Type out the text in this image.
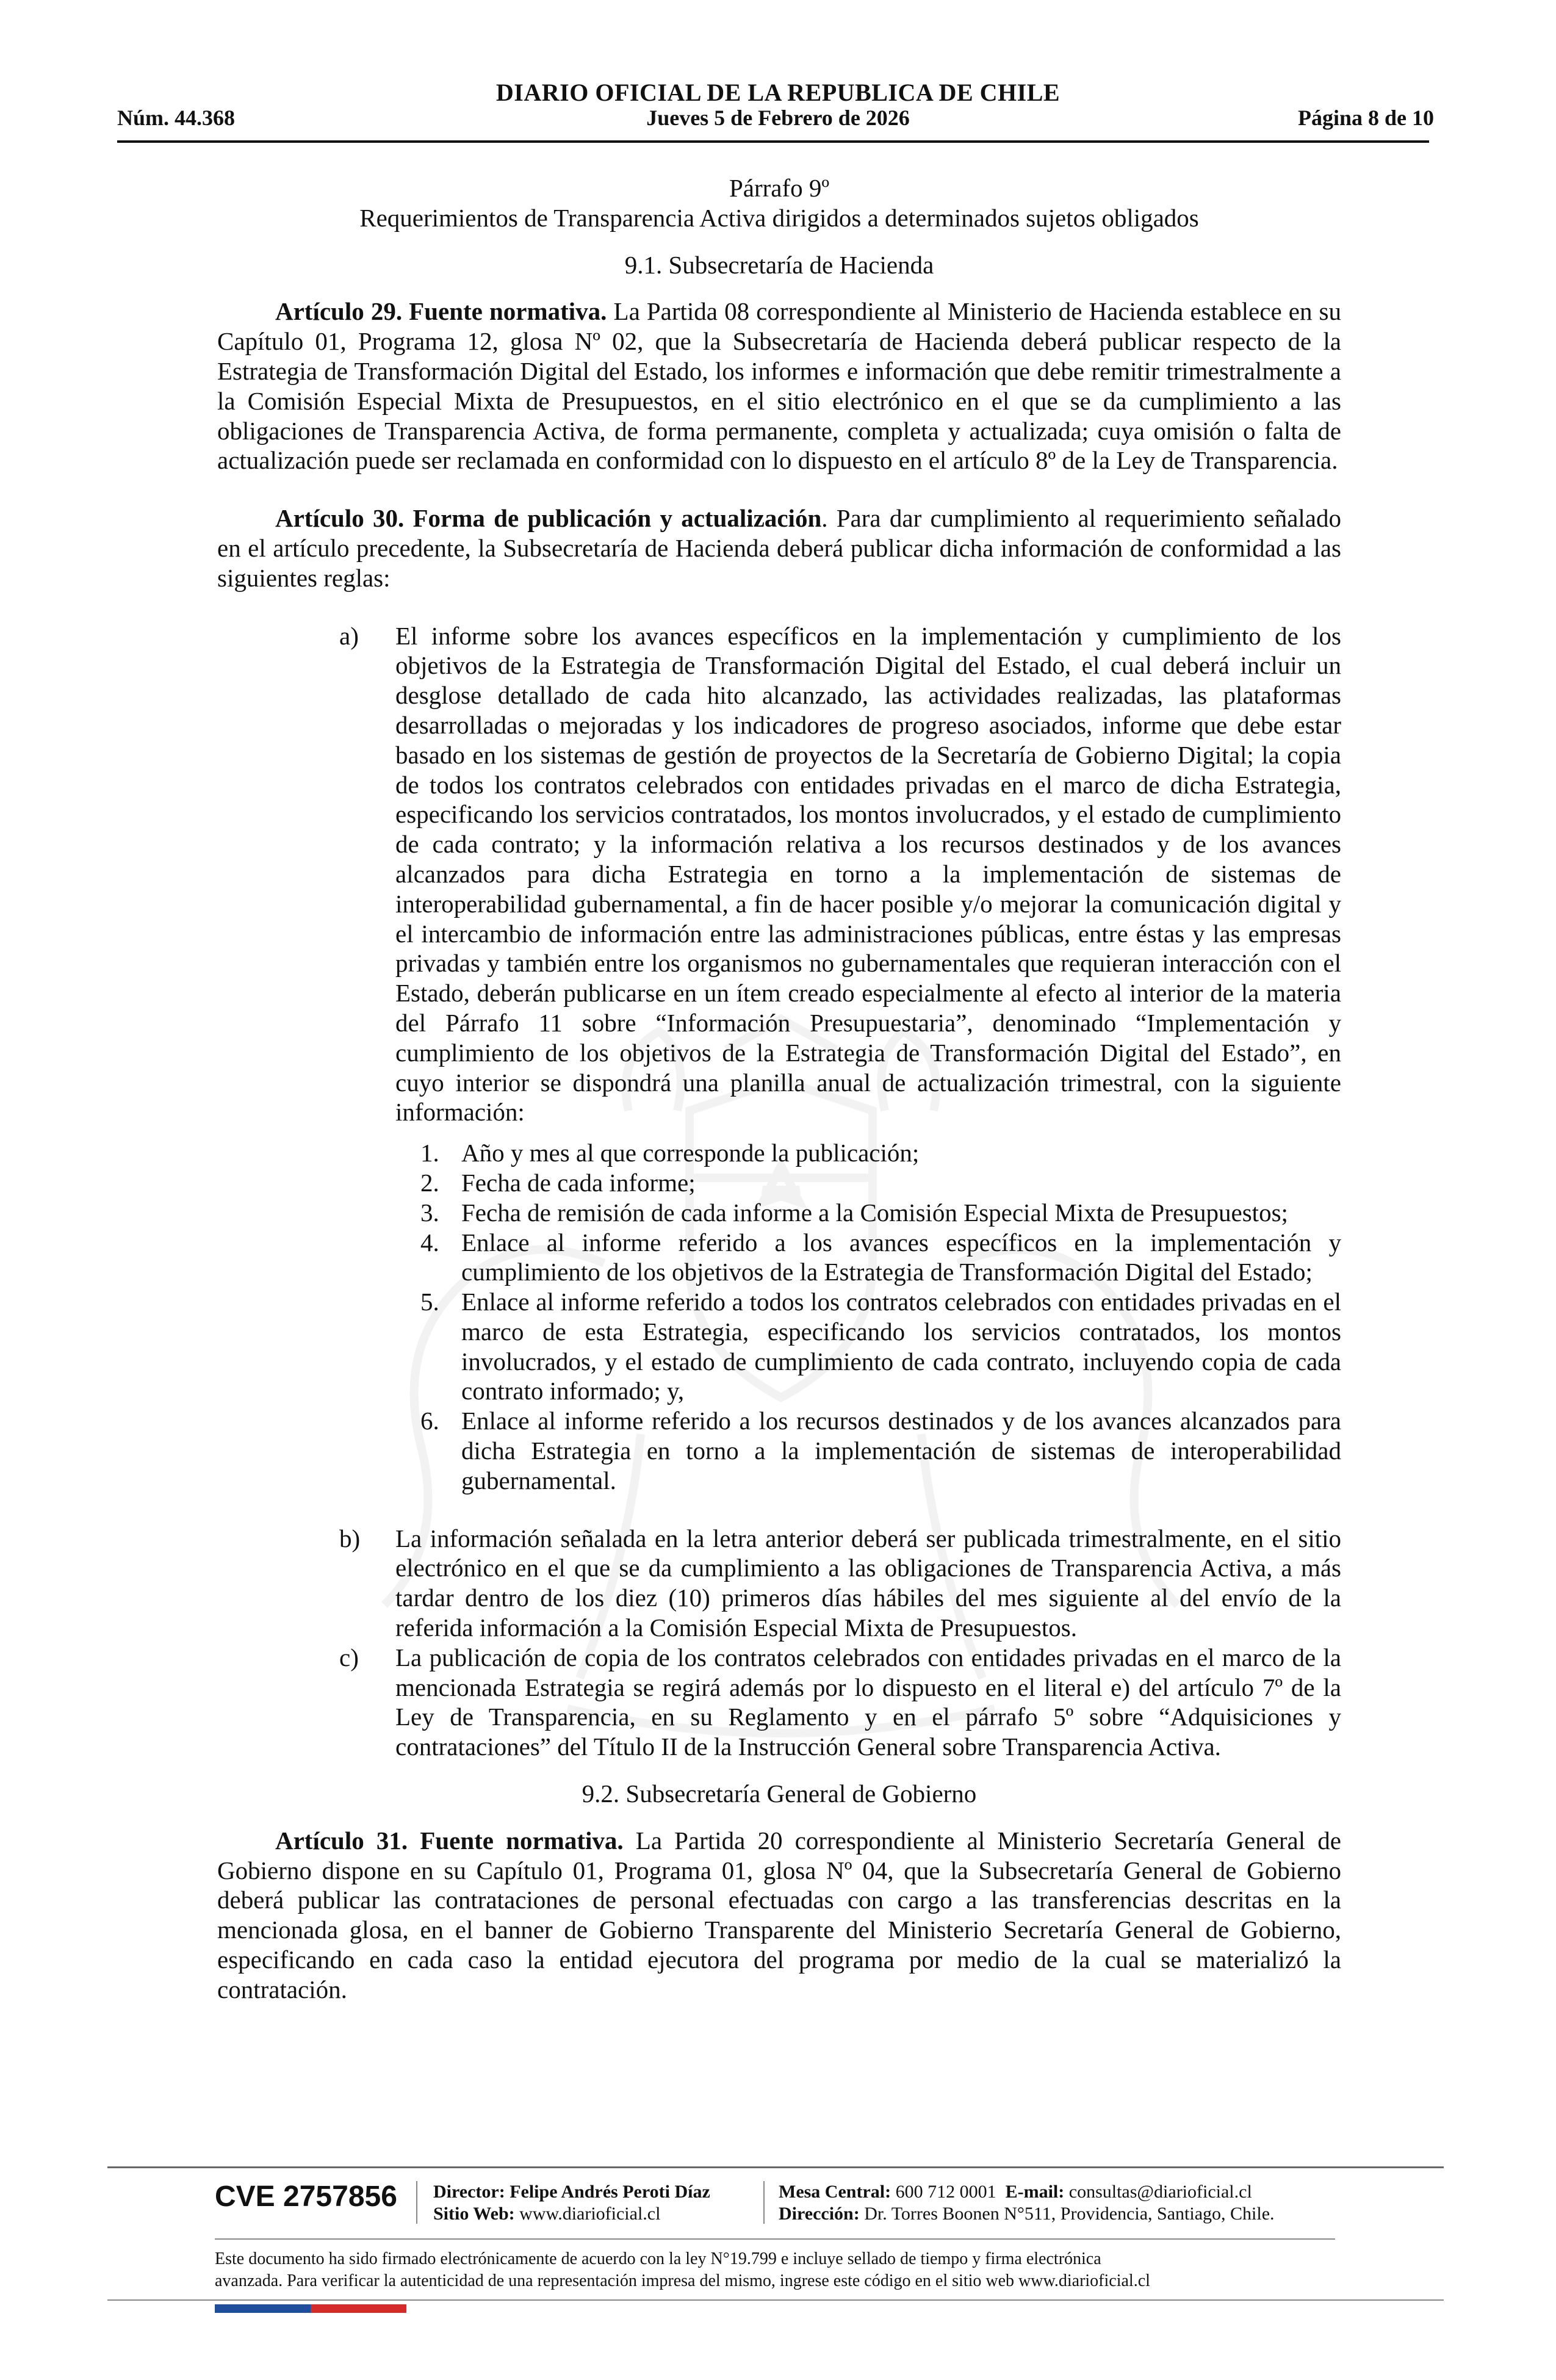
DIARIO OFICIAL DE LA REPUBLICA DE CHILE
Núm. 44.368	Jueves 5 de Febrero de 2026	Página 8 de 10

Párrafo 9º

Requerimientos de Transparencia Activa dirigidos a determinados sujetos obligados

9.1. Subsecretaría de Hacienda

Artículo 29. Fuente normativa. La Partida 08 correspondiente al Ministerio de Hacienda establece en su Capítulo 01, Programa 12, glosa Nº 02, que la Subsecretaría de Hacienda deberá publicar respecto de la Estrategia de Transformación Digital del Estado, los informes e información que debe remitir trimestralmente a la Comisión Especial Mixta de Presupuestos, en el sitio electrónico en el que se da cumplimiento a las obligaciones de Transparencia Activa, de forma permanente, completa y actualizada; cuya omisión o falta de actualización puede ser reclamada en conformidad con lo dispuesto en el artículo 8º de la Ley de Transparencia.

Artículo 30. Forma de publicación y actualización. Para dar cumplimiento al requerimiento señalado en el artículo precedente, la Subsecretaría de Hacienda deberá publicar dicha información de conformidad a las siguientes reglas:

a) El informe sobre los avances específicos en la implementación y cumplimiento de los objetivos de la Estrategia de Transformación Digital del Estado, el cual deberá incluir un desglose detallado de cada hito alcanzado, las actividades realizadas, las plataformas desarrolladas o mejoradas y los indicadores de progreso asociados, informe que debe estar basado en los sistemas de gestión de proyectos de la Secretaría de Gobierno Digital; la copia de todos los contratos celebrados con entidades privadas en el marco de dicha Estrategia, especificando los servicios contratados, los montos involucrados, y el estado de cumplimiento de cada contrato; y la información relativa a los recursos destinados y de los avances alcanzados para dicha Estrategia en torno a la implementación de sistemas de interoperabilidad gubernamental, a fin de hacer posible y/o mejorar la comunicación digital y el intercambio de información entre las administraciones públicas, entre éstas y las empresas privadas y también entre los organismos no gubernamentales que requieran interacción con el Estado, deberán publicarse en un ítem creado especialmente al efecto al interior de la materia del Párrafo 11 sobre “Información Presupuestaria”, denominado “Implementación y cumplimiento de los objetivos de la Estrategia de Transformación Digital del Estado”, en cuyo interior se dispondrá una planilla anual de actualización trimestral, con la siguiente información:
1. Año y mes al que corresponde la publicación;
2. Fecha de cada informe;
3. Fecha de remisión de cada informe a la Comisión Especial Mixta de Presupuestos;
4. Enlace al informe referido a los avances específicos en la implementación y cumplimiento de los objetivos de la Estrategia de Transformación Digital del Estado;
5. Enlace al informe referido a todos los contratos celebrados con entidades privadas en el marco de esta Estrategia, especificando los servicios contratados, los montos involucrados, y el estado de cumplimiento de cada contrato, incluyendo copia de cada contrato informado; y,
6. Enlace al informe referido a los recursos destinados y de los avances alcanzados para dicha Estrategia en torno a la implementación de sistemas de interoperabilidad gubernamental.
b) La información señalada en la letra anterior deberá ser publicada trimestralmente, en el sitio electrónico en el que se da cumplimiento a las obligaciones de Transparencia Activa, a más tardar dentro de los diez (10) primeros días hábiles del mes siguiente al del envío de la referida información a la Comisión Especial Mixta de Presupuestos.
c) La publicación de copia de los contratos celebrados con entidades privadas en el marco de la mencionada Estrategia se regirá además por lo dispuesto en el literal e) del artículo 7º de la Ley de Transparencia, en su Reglamento y en el párrafo 5º sobre “Adquisiciones y contrataciones” del Título II de la Instrucción General sobre Transparencia Activa.

9.2. Subsecretaría General de Gobierno

Artículo 31. Fuente normativa. La Partida 20 correspondiente al Ministerio Secretaría General de Gobierno dispone en su Capítulo 01, Programa 01, glosa Nº 04, que la Subsecretaría General de Gobierno deberá publicar las contrataciones de personal efectuadas con cargo a las transferencias descritas en la mencionada glosa, en el banner de Gobierno Transparente del Ministerio Secretaría General de Gobierno, especificando en cada caso la entidad ejecutora del programa por medio de la cual se materializó la contratación.

CVE 2757856 Director: Felipe Andrés Peroti Díaz
Sitio Web: www.diarioficial.cl
Mesa Central: 600 712 0001 E-mail: consultas@diarioficial.cl
Dirección: Dr. Torres Boonen N°511, Providencia, Santiago, Chile.
Este documento ha sido firmado electrónicamente de acuerdo con la ley N°19.799 e incluye sellado de tiempo y firma electrónica
avanzada. Para verificar la autenticidad de una representación impresa del mismo, ingrese este código en el sitio web www.diarioficial.cl
